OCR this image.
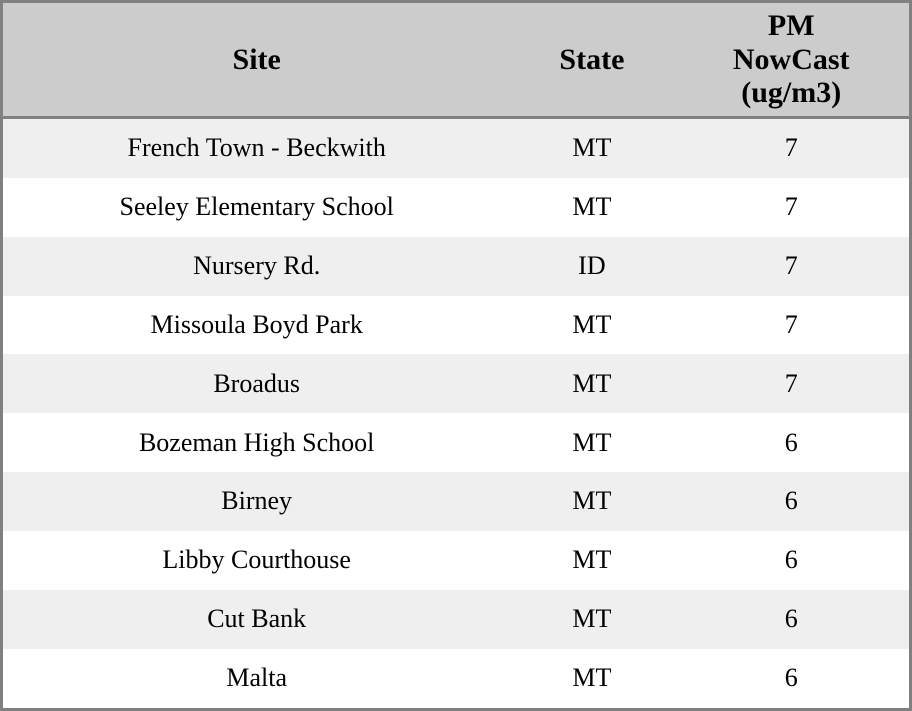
Site	State	PM
NowCast
(ug/m3)
French Town - Beckwith	MT	7
Seeley Elementary School	MT	7
Nursery Rd.	ID	7
Missoula Boyd Park	MT	7
Broadus	MT	7
Bozeman High School	MT	6
Birney	MT	6
Libby Courthouse	MT	6
Cut Bank	MT	6
Malta	MT	6
